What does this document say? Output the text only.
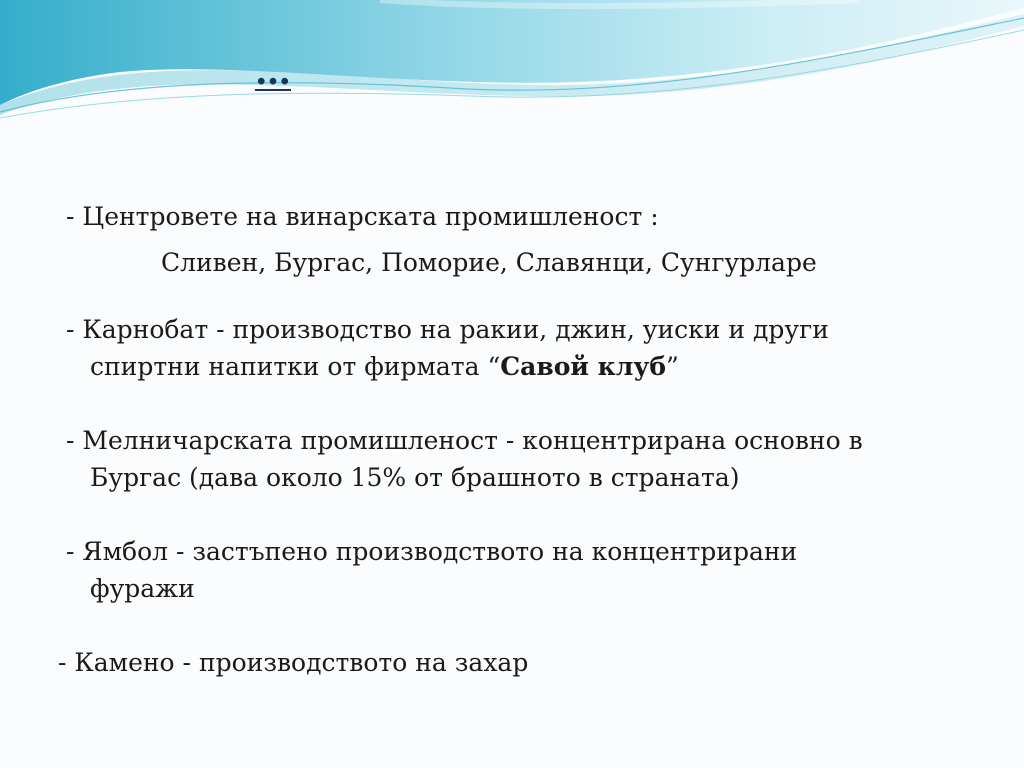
…

- Центровете на винарската промишленост :

Сливен, Бургас, Поморие, Славянци, Сунгурларе

- Карнобат - производство на ракии, джин, уиски и други

спиртни напитки от фирмата “Савой клуб”

- Мелничарската промишленост - концентрирана основно в

Бургас (дава около 15% от брашното в страната)

- Ямбол - застъпено производството на концентрирани

фуражи

- Камено - производството на захар
